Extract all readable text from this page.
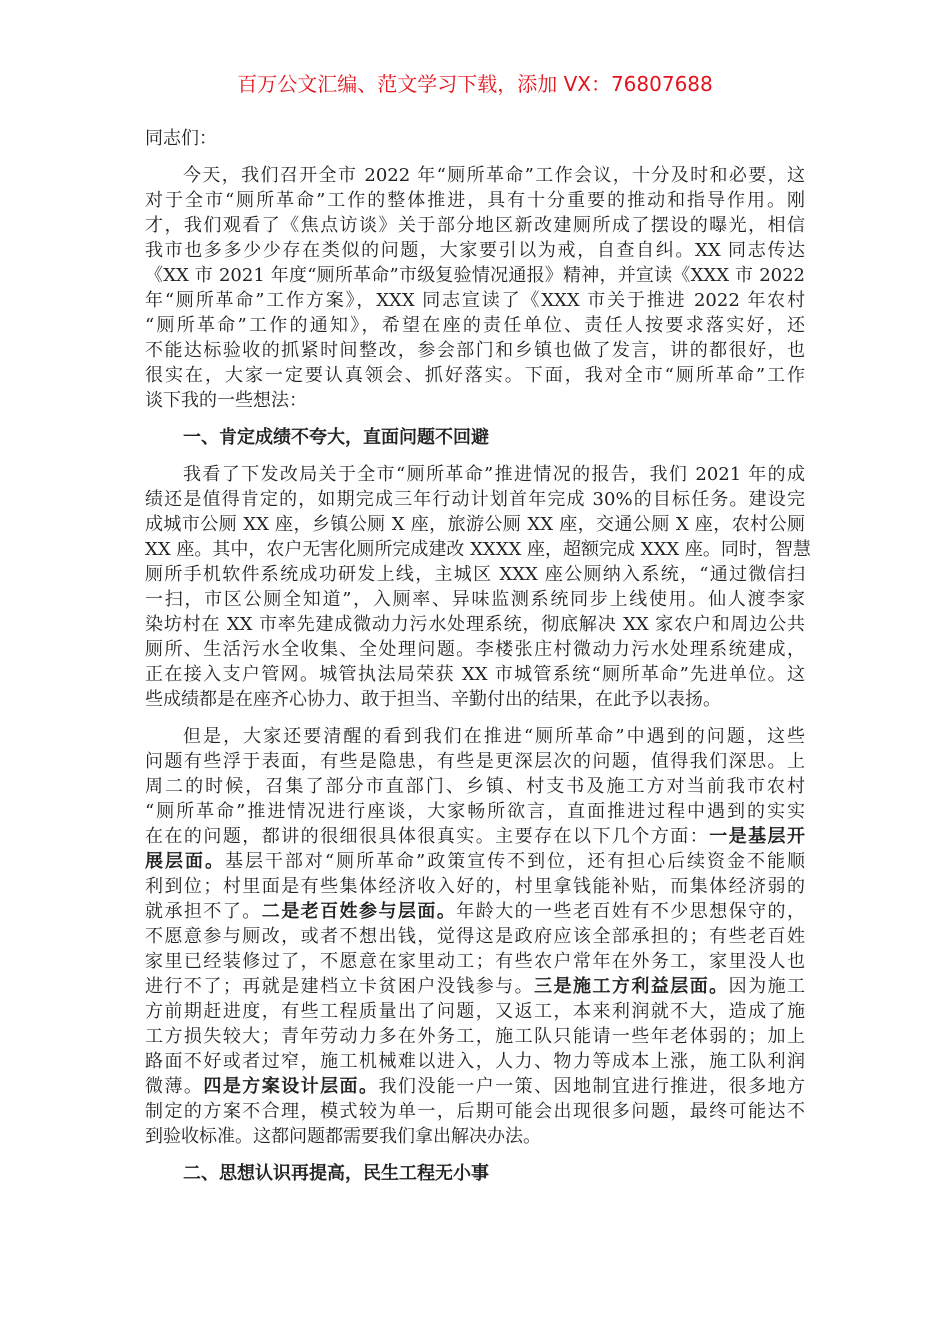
百万公文汇编、范文学习下载，添加 VX：76807688
同志们：
今天，我们召开全市 2022 年“厕所革命”工作会议，十分及时和必要，这
对于全市“厕所革命”工作的整体推进，具有十分重要的推动和指导作用。刚
才，我们观看了《焦点访谈》关于部分地区新改建厕所成了摆设的曝光，相信
我市也多多少少存在类似的问题，大家要引以为戒，自查自纠。XX 同志传达
《XX 市 2021 年度“厕所革命”市级复验情况通报》精神，并宣读《XXX 市 2022
年“厕所革命”工作方案》，XXX 同志宣读了《XXX 市关于推进 2022 年农村
“厕所革命”工作的通知》，希望在座的责任单位、责任人按要求落实好，还
不能达标验收的抓紧时间整改，参会部门和乡镇也做了发言，讲的都很好，也
很实在，大家一定要认真领会、抓好落实。下面，我对全市“厕所革命”工作
谈下我的一些想法：
一、肯定成绩不夸大，直面问题不回避
我看了下发改局关于全市“厕所革命”推进情况的报告，我们 2021 年的成
绩还是值得肯定的，如期完成三年行动计划首年完成 30%的目标任务。建设完
成城市公厕 XX 座，乡镇公厕 X 座，旅游公厕 XX 座，交通公厕 X 座，农村公厕
XX 座。其中，农户无害化厕所完成建改 XXXX 座，超额完成 XXX 座。同时，智慧
厕所手机软件系统成功研发上线，主城区 XXX 座公厕纳入系统，“通过微信扫
一扫，市区公厕全知道”，入厕率、异味监测系统同步上线使用。仙人渡李家
染坊村在 XX 市率先建成微动力污水处理系统，彻底解决 XX 家农户和周边公共
厕所、生活污水全收集、全处理问题。李楼张庄村微动力污水处理系统建成，
正在接入支户管网。城管执法局荣获 XX 市城管系统“厕所革命”先进单位。这
些成绩都是在座齐心协力、敢于担当、辛勤付出的结果，在此予以表扬。
但是，大家还要清醒的看到我们在推进“厕所革命”中遇到的问题，这些
问题有些浮于表面，有些是隐患，有些是更深层次的问题，值得我们深思。上
周二的时候，召集了部分市直部门、乡镇、村支书及施工方对当前我市农村
“厕所革命”推进情况进行座谈，大家畅所欲言，直面推进过程中遇到的实实
在在的问题，都讲的很细很具体很真实。主要存在以下几个方面：一是基层开
展层面。基层干部对“厕所革命”政策宣传不到位，还有担心后续资金不能顺
利到位；村里面是有些集体经济收入好的，村里拿钱能补贴，而集体经济弱的
就承担不了。二是老百姓参与层面。年龄大的一些老百姓有不少思想保守的，
不愿意参与厕改，或者不想出钱，觉得这是政府应该全部承担的；有些老百姓
家里已经装修过了，不愿意在家里动工；有些农户常年在外务工，家里没人也
进行不了；再就是建档立卡贫困户没钱参与。三是施工方利益层面。因为施工
方前期赶进度，有些工程质量出了问题，又返工，本来利润就不大，造成了施
工方损失较大；青年劳动力多在外务工，施工队只能请一些年老体弱的；加上
路面不好或者过窄，施工机械难以进入，人力、物力等成本上涨，施工队利润
微薄。四是方案设计层面。我们没能一户一策、因地制宜进行推进，很多地方
制定的方案不合理，模式较为单一，后期可能会出现很多问题，最终可能达不
到验收标准。这都问题都需要我们拿出解决办法。
二、思想认识再提高，民生工程无小事
